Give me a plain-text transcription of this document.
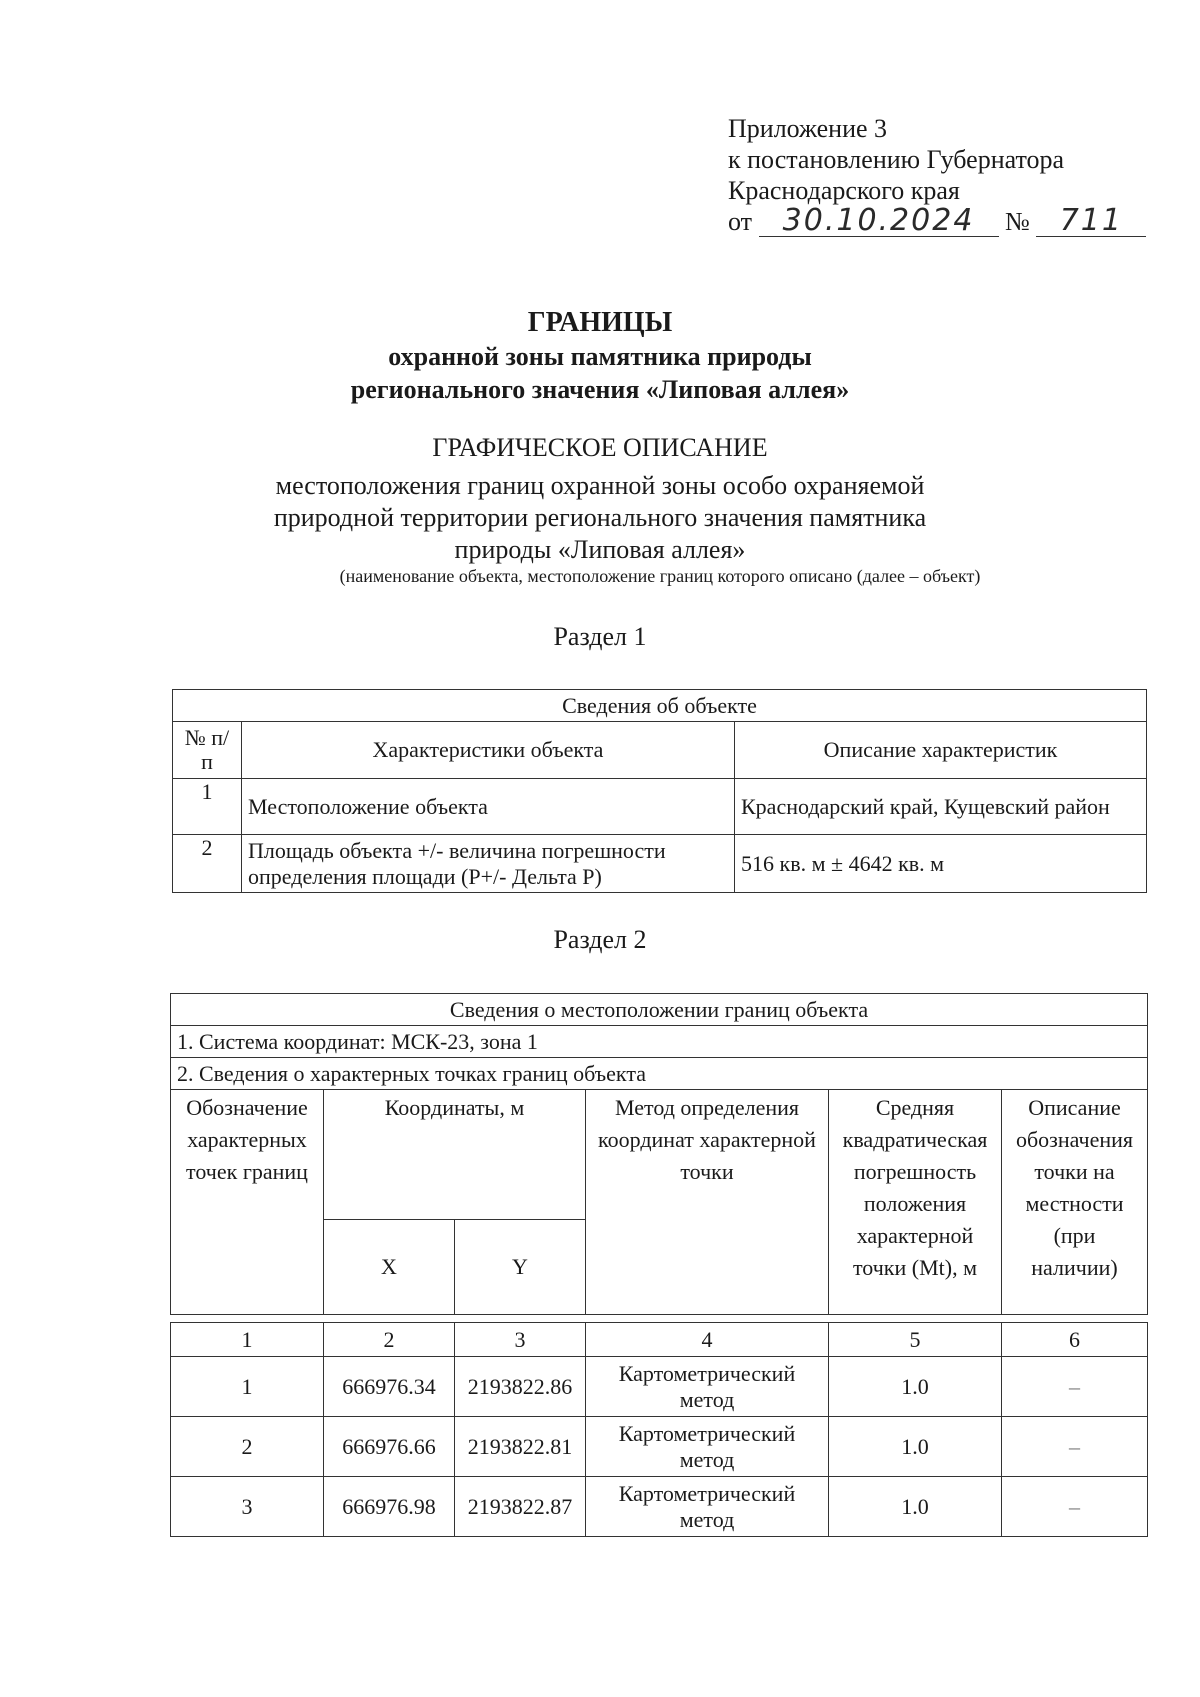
Приложение 3
к постановлению Губернатора
Краснодарского края
от 30.10.2024 № 711
ГРАНИЦЫ
охранной зоны памятника природы
регионального значения «Липовая аллея»
ГРАФИЧЕСКОЕ ОПИСАНИЕ
местоположения границ охранной зоны особо охраняемой
природной территории регионального значения памятника
природы «Липовая аллея»
(наименование объекта, местоположение границ которого описано (далее – объект)
Раздел 1
Сведения об объекте		
№ п/п	Характеристики объекта	Описание характеристик
1	Местоположение объекта	Краснодарский край, Кущевский район
2	Площадь объекта +/- величина погрешности определения площади (P+/- Дельта P)	516 кв. м ± 4642 кв. м
Раздел 2
Сведения о местоположении границ объекта					
1. Система координат: МСК-23, зона 1					
2. Сведения о характерных точках границ объекта					
Обозначение характерных точек границ	Координаты, м		Метод определения координат характерной точки	Средняя квадратическая погрешность положения характерной точки (Mt), м	Описание обозначения точки на местности (при наличии)
	X	Y			
1	2	3	4	5	6
1	666976.34	2193822.86	Картометрический метод	1.0	–
2	666976.66	2193822.81	Картометрический метод	1.0	–
3	666976.98	2193822.87	Картометрический метод	1.0	–
